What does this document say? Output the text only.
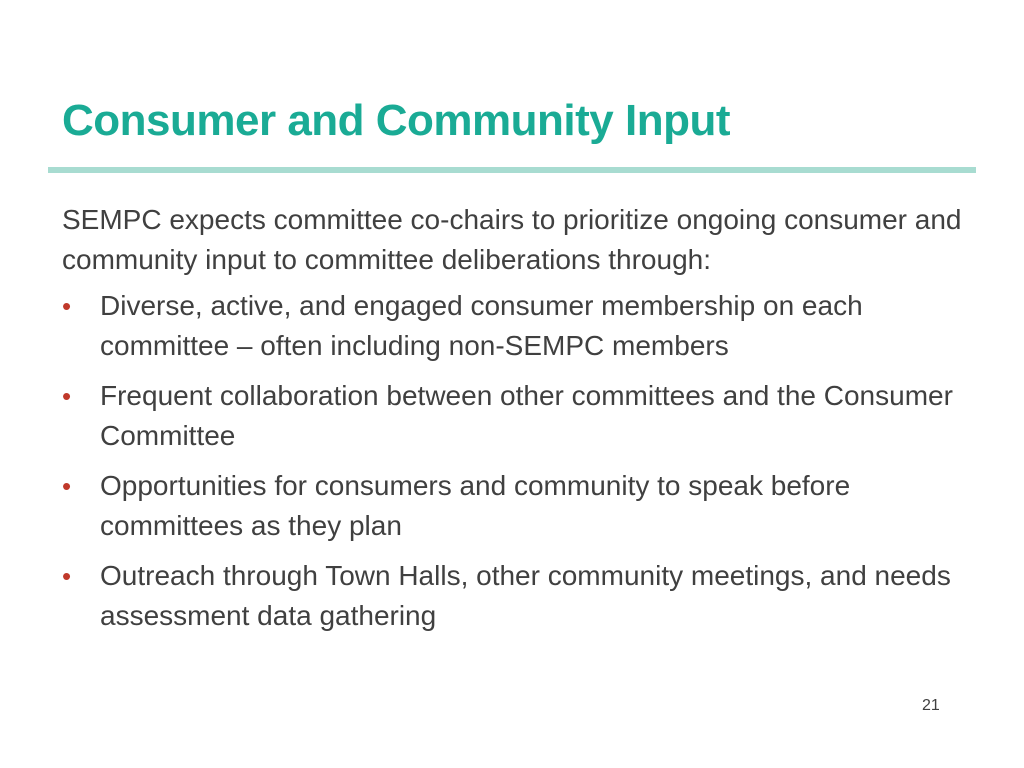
Consumer and Community Input

SEMPC expects committee co-chairs to prioritize ongoing consumer and community input to committee deliberations through:

•	Diverse, active, and engaged consumer membership on each committee – often including non-SEMPC members
•	Frequent collaboration between other committees and the Consumer Committee
•	Opportunities for consumers and community to speak before committees as they plan
•	Outreach through Town Halls, other community meetings, and needs assessment data gathering
21
